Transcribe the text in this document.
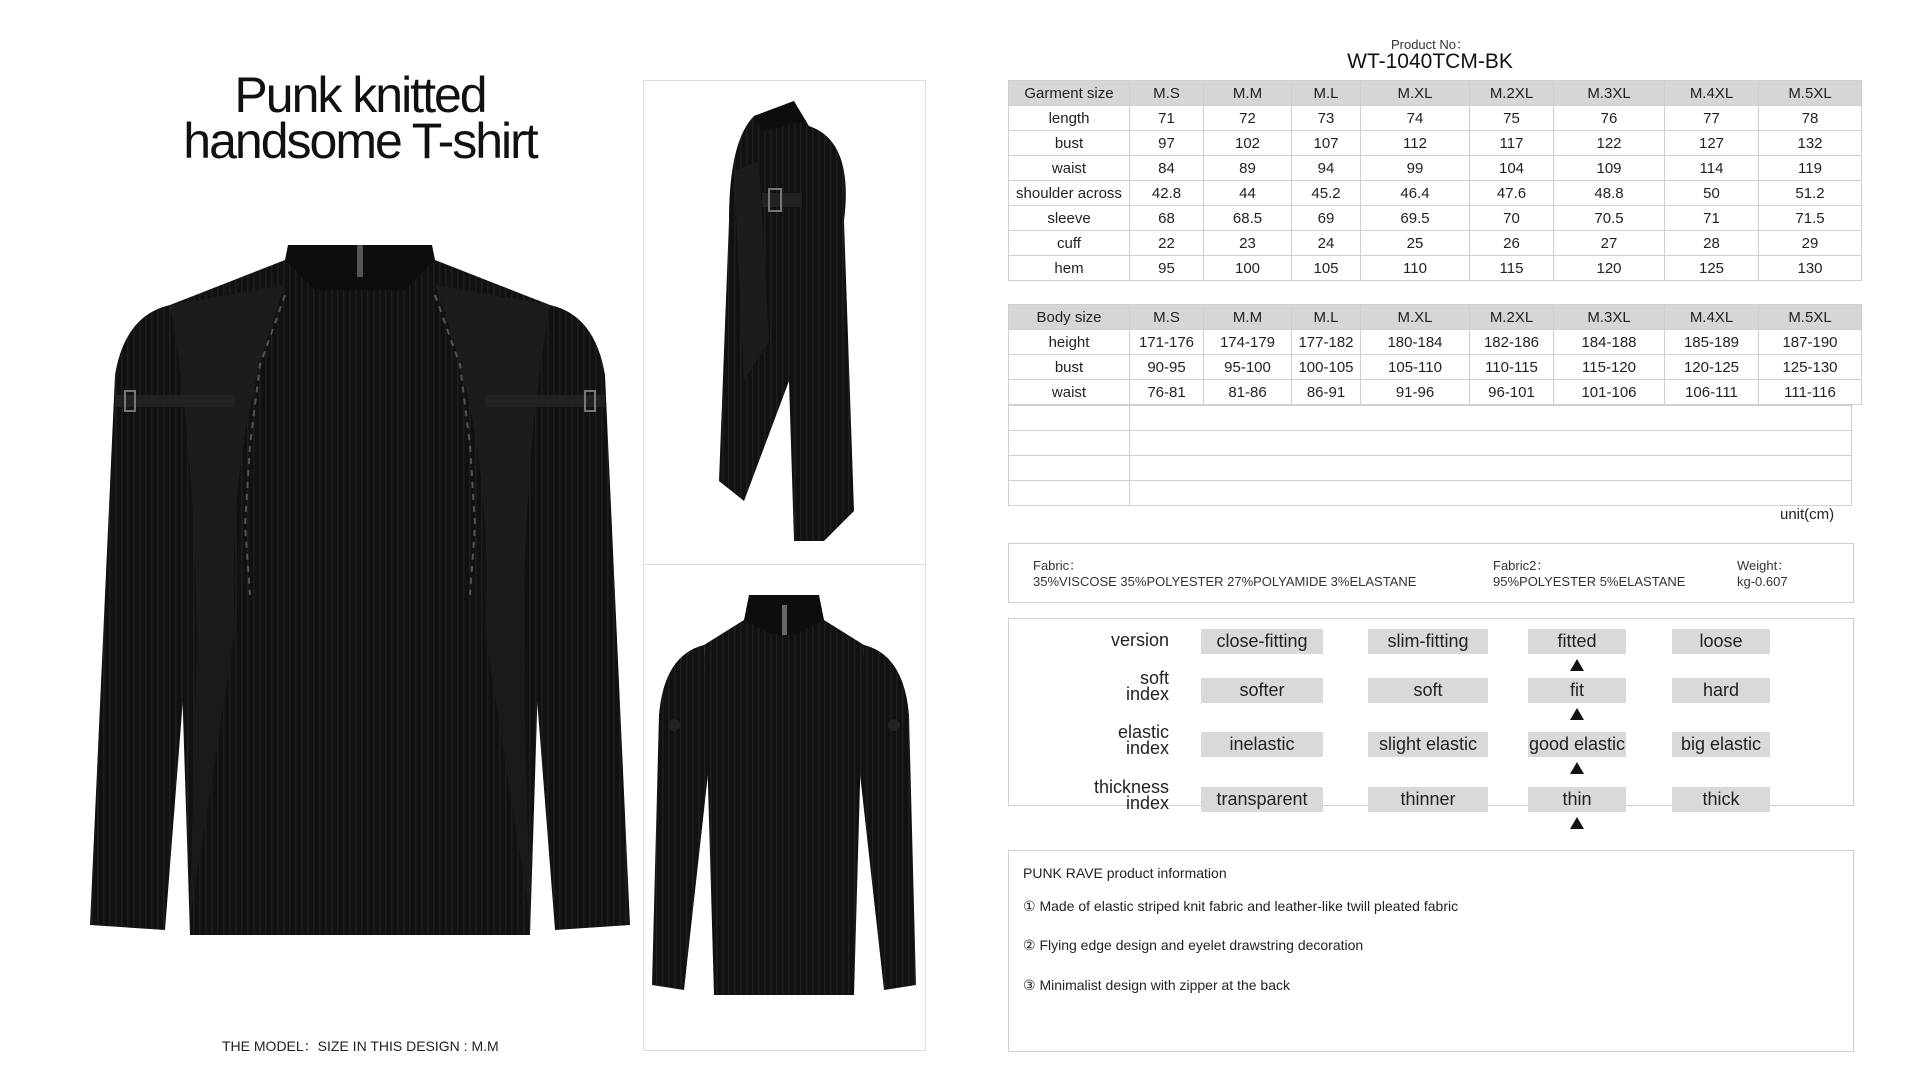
Punk knitted
handsome T-shirt
THE MODEL：SIZE IN THIS DESIGN : M.M
Product No：
WT-1040TCM-BK
Garment size	M.S	M.M	M.L	M.XL	M.2XL	M.3XL	M.4XL	M.5XL
length	71	72	73	74	75	76	77	78
bust	97	102	107	112	117	122	127	132
waist	84	89	94	99	104	109	114	119
shoulder across	42.8	44	45.2	46.4	47.6	48.8	50	51.2
sleeve	68	68.5	69	69.5	70	70.5	71	71.5
cuff	22	23	24	25	26	27	28	29
hem	95	100	105	110	115	120	125	130
Body size	M.S	M.M	M.L	M.XL	M.2XL	M.3XL	M.4XL	M.5XL
height	171-176	174-179	177-182	180-184	182-186	184-188	185-189	187-190
bust	90-95	95-100	100-105	105-110	110-115	115-120	120-125	125-130
waist	76-81	81-86	86-91	91-96	96-101	101-106	106-111	111-116

unit(cm)
Fabric：
35%VISCOSE 35%POLYESTER 27%POLYAMIDE 3%ELASTANE
Fabric2：
95%POLYESTER 5%ELASTANE
Weight：
kg-0.607
version	close-fitting	slim-fitting	fitted	loose
soft
index	softer	soft	fit	hard
elastic
index	inelastic	slight elastic	good elastic	big elastic
thickness
index	transparent	thinner	thin	thick
PUNK RAVE product information
① Made of elastic striped knit fabric and leather-like twill pleated fabric
② Flying edge design and eyelet drawstring decoration
③ Minimalist design with zipper at the back
